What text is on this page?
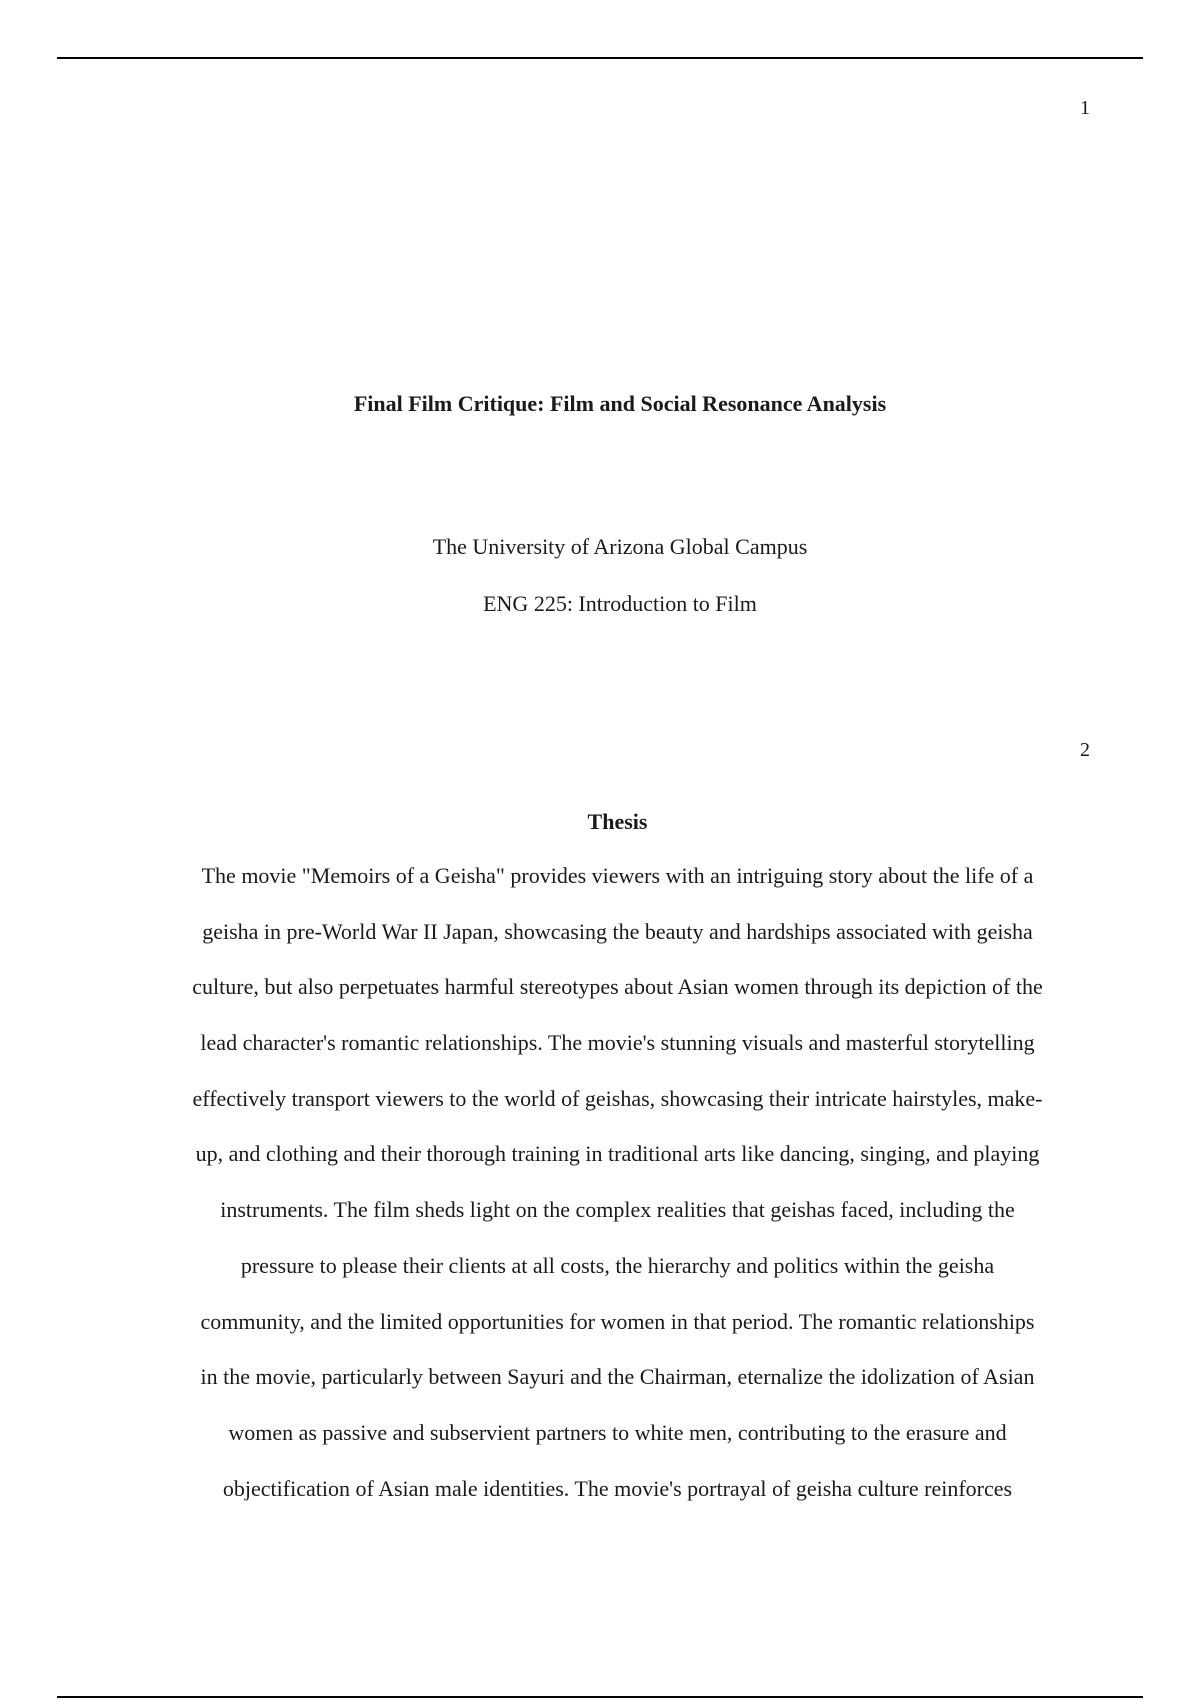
1
Final Film Critique: Film and Social Resonance Analysis
The University of Arizona Global Campus
ENG 225: Introduction to Film
2
Thesis
The movie "Memoirs of a Geisha" provides viewers with an intriguing story about the life of a
geisha in pre-World War II Japan, showcasing the beauty and hardships associated with geisha
culture, but also perpetuates harmful stereotypes about Asian women through its depiction of the
lead character's romantic relationships. The movie's stunning visuals and masterful storytelling
effectively transport viewers to the world of geishas, showcasing their intricate hairstyles, make-
up, and clothing and their thorough training in traditional arts like dancing, singing, and playing
instruments. The film sheds light on the complex realities that geishas faced, including the
pressure to please their clients at all costs, the hierarchy and politics within the geisha
community, and the limited opportunities for women in that period. The romantic relationships
in the movie, particularly between Sayuri and the Chairman, eternalize the idolization of Asian
women as passive and subservient partners to white men, contributing to the erasure and
objectification of Asian male identities. The movie's portrayal of geisha culture reinforces
